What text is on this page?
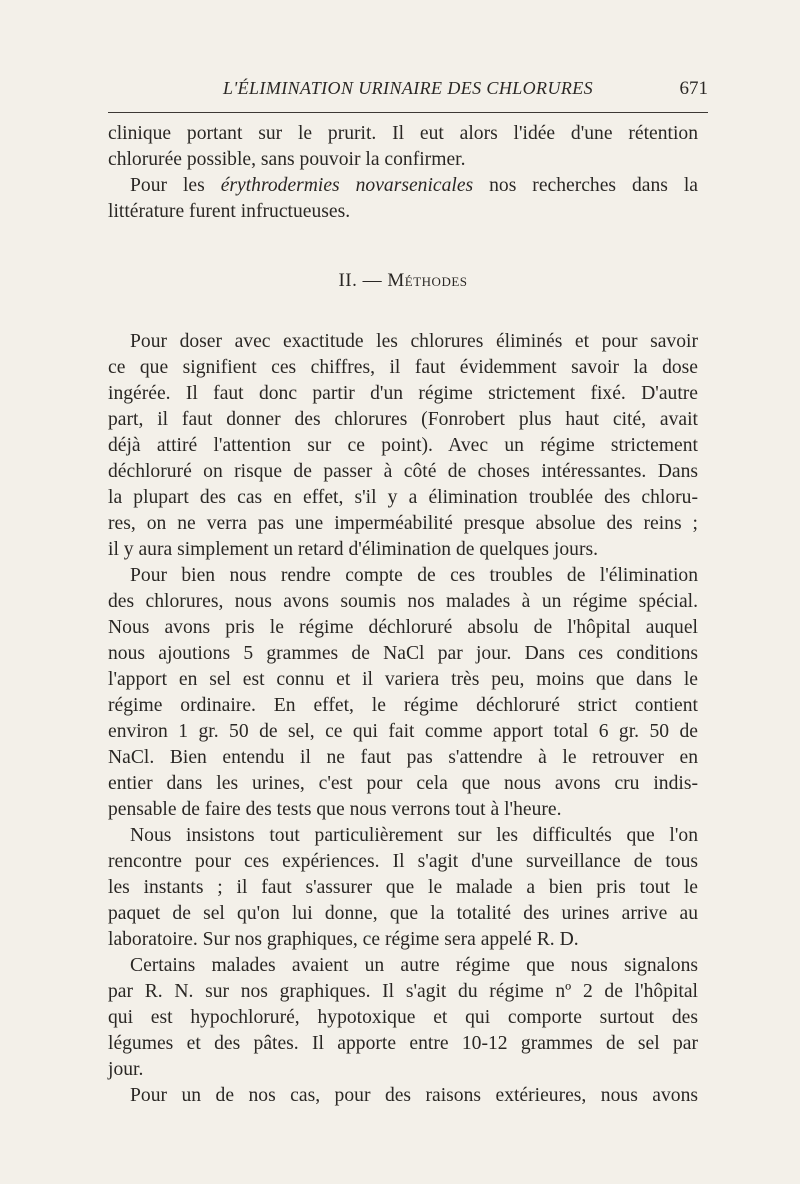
L'ÉLIMINATION URINAIRE DES CHLORURES	671
clinique portant sur le prurit. Il eut alors l'idée d'une rétention
chlorurée possible, sans pouvoir la confirmer.
Pour les érythrodermies novarsenicales nos recherches dans la
littérature furent infructueuses.
II. — Méthodes
Pour doser avec exactitude les chlorures éliminés et pour savoir
ce que signifient ces chiffres, il faut évidemment savoir la dose
ingérée. Il faut donc partir d'un régime strictement fixé. D'autre
part, il faut donner des chlorures (Fonrobert plus haut cité, avait
déjà attiré l'attention sur ce point). Avec un régime strictement
déchloruré on risque de passer à côté de choses intéressantes. Dans
la plupart des cas en effet, s'il y a élimination troublée des chloru-
res, on ne verra pas une imperméabilité presque absolue des reins ;
il y aura simplement un retard d'élimination de quelques jours.
Pour bien nous rendre compte de ces troubles de l'élimination
des chlorures, nous avons soumis nos malades à un régime spécial.
Nous avons pris le régime déchloruré absolu de l'hôpital auquel
nous ajoutions 5 grammes de NaCl par jour. Dans ces conditions
l'apport en sel est connu et il variera très peu, moins que dans le
régime ordinaire. En effet, le régime déchloruré strict contient
environ 1 gr. 50 de sel, ce qui fait comme apport total 6 gr. 50 de
NaCl. Bien entendu il ne faut pas s'attendre à le retrouver en
entier dans les urines, c'est pour cela que nous avons cru indis-
pensable de faire des tests que nous verrons tout à l'heure.
Nous insistons tout particulièrement sur les difficultés que l'on
rencontre pour ces expériences. Il s'agit d'une surveillance de tous
les instants ; il faut s'assurer que le malade a bien pris tout le
paquet de sel qu'on lui donne, que la totalité des urines arrive au
laboratoire. Sur nos graphiques, ce régime sera appelé R. D.
Certains malades avaient un autre régime que nous signalons
par R. N. sur nos graphiques. Il s'agit du régime nº 2 de l'hôpital
qui est hypochloruré, hypotoxique et qui comporte surtout des
légumes et des pâtes. Il apporte entre 10-12 grammes de sel par
jour.
Pour un de nos cas, pour des raisons extérieures, nous avons
